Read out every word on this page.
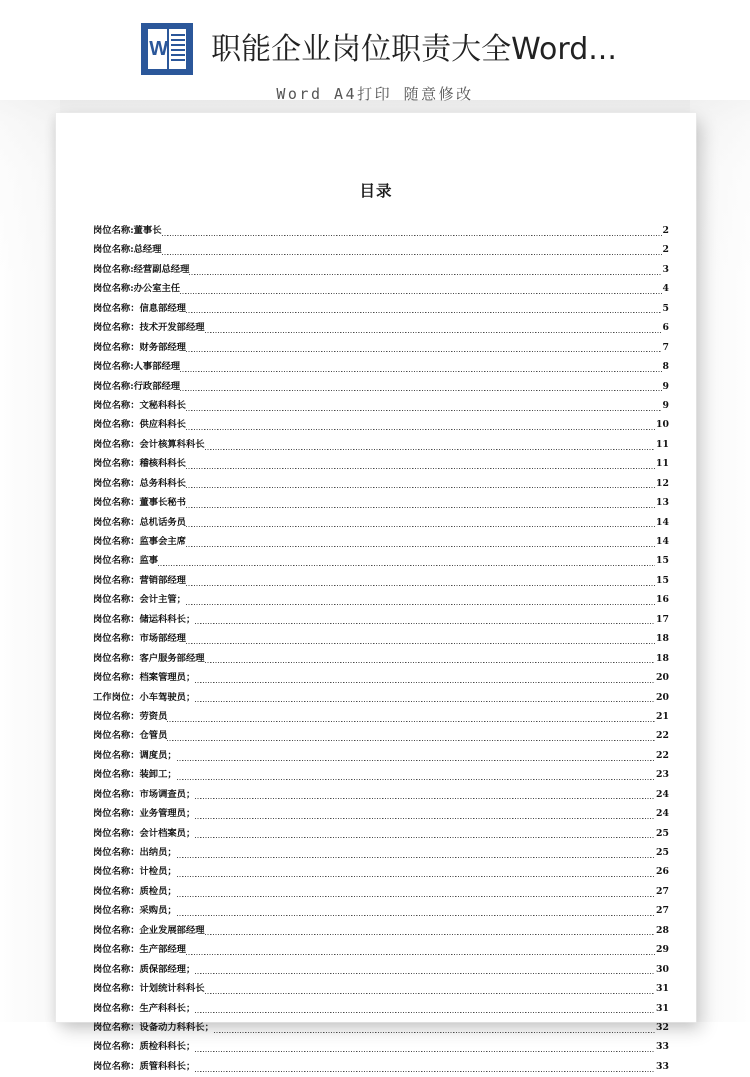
W 职能企业岗位职责大全Word...
Word A4打印 随意修改
目录
岗位名称:董事长	2
岗位名称:总经理	2
岗位名称:经营副总经理	3
岗位名称:办公室主任	4
岗位名称：信息部经理	5
岗位名称：技术开发部经理	6
岗位名称：财务部经理	7
岗位名称:人事部经理	8
岗位名称:行政部经理	9
岗位名称：文秘科科长	9
岗位名称：供应科科长	10
岗位名称：会计核算科科长	11
岗位名称：稽核科科长	11
岗位名称：总务科科长	12
岗位名称：董事长秘书	13
岗位名称：总机话务员	14
岗位名称：监事会主席	14
岗位名称：监事	15
岗位名称：营销部经理	15
岗位名称：会计主管；	16
岗位名称：储运科科长；	17
岗位名称：市场部经理	18
岗位名称：客户服务部经理	18
岗位名称：档案管理员；	20
工作岗位：小车驾驶员；	20
岗位名称：劳资员	21
岗位名称：仓管员	22
岗位名称：调度员；	22
岗位名称：装卸工；	23
岗位名称：市场调查员；	24
岗位名称：业务管理员；	24
岗位名称：会计档案员；	25
岗位名称：出纳员；	25
岗位名称：计检员；	26
岗位名称：质检员；	27
岗位名称：采购员；	27
岗位名称：企业发展部经理	28
岗位名称：生产部经理	29
岗位名称：质保部经理；	30
岗位名称：计划统计科科长	31
岗位名称：生产科科长；	31
岗位名称：设备动力科科长；	32
岗位名称：质检科科长；	33
岗位名称：质管科科长；	33
